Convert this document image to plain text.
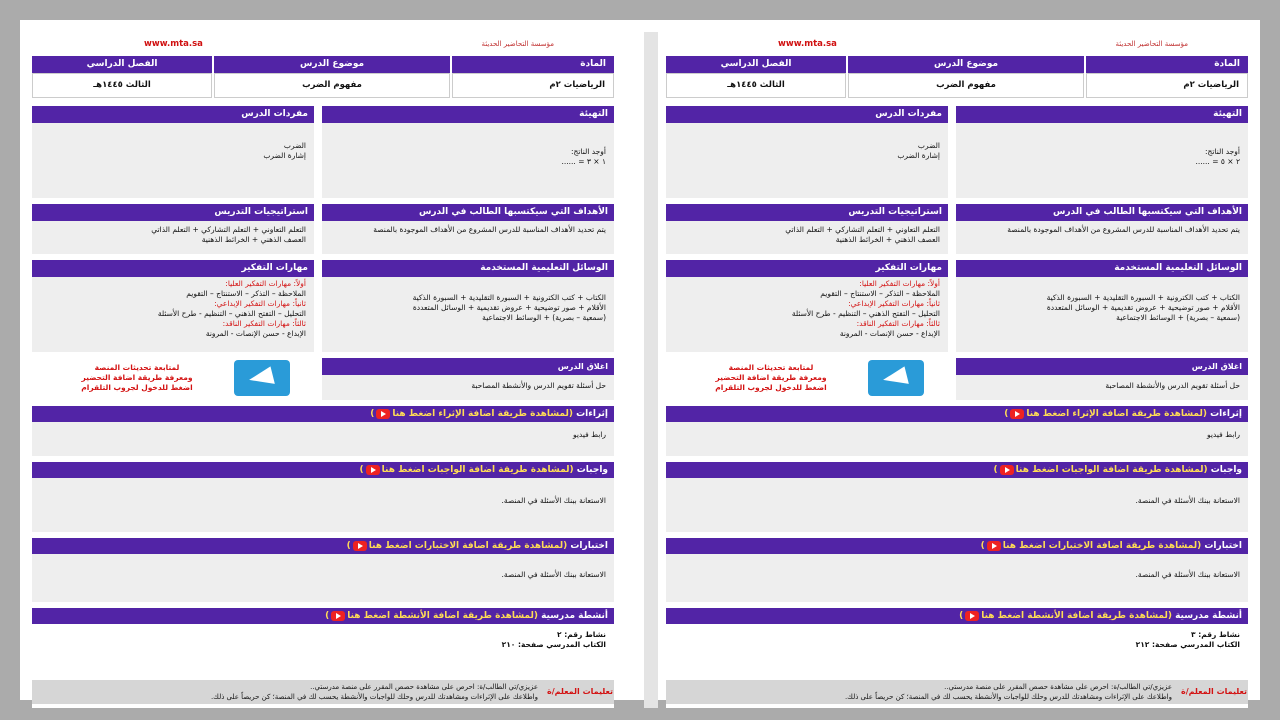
مؤسسة التحاضير الحديثة
www.mta.sa
المادة
الرياضيات ٢م
موضوع الدرس
مفهوم الضرب
الفصل الدراسي
الثالث ١٤٤٥هـ
التهيئة
أوجد الناتج:
١ × ٣ = ......
مفردات الدرس
الضرب
إشارة الضرب
الأهداف التي سيكتسبها الطالب في الدرس
يتم تحديد الأهداف المناسبة للدرس المشروع من الأهداف الموجودة بالمنصة
استراتيجيات التدريس
التعلم التعاوني + التعلم التشاركي + التعلم الذاتي
العصف الذهني + الخرائط الذهنية
الوسائل التعليمية المستخدمة
الكتاب + كتب الكترونية + السبورة التقليدية + السبورة الذكية
الأقلام + صور توضيحية + عروض تقديمية + الوسائل المتعددة
(سمعية – بصرية) + الوسائط الاجتماعية
مهارات التفكير
أولاً: مهارات التفكير العليا:
الملاحظة – التذكر – الاستنتاج – التقويم
ثانياً: مهارات التفكير الإبداعي:
التحليل – التفتح الذهني – التنظيم - طرح الأسئلة
ثالثاً: مهارات التفكير الناقد:
الإبداع - حسن الإنصات - المرونة
اغلاق الدرس
حل أسئلة تقويم الدرس والأنشطة المصاحبة
لمتابعة تحديثات المنصة
ومعرفة طريقة اضافة التحضير
اضغط للدخول لجروب التلقرام
إثراءات (لمشاهدة طريقة اضافة الإثراء اضغط هنا)
رابط فيديو
واجبات (لمشاهدة طريقة اضافة الواجبات اضغط هنا)
الاستعانة ببنك الأسئلة في المنصة.
اختبارات (لمشاهدة طريقة اضافة الاختبارات اضغط هنا)
الاستعانة ببنك الأسئلة في المنصة.
أنشطة مدرسية (لمشاهدة طريقة اضافة الأنشطة اضغط هنا)
نشاط رقم: ٢
الكتاب المدرسي صفحة: ٢١٠
تعليمات المعلم/ة
عزيزي/تي الطالب/ة: احرص على مشاهدة حصص المقرر على منصة مدرستي..
واطلاعك على الإثراءات ومشاهدتك للدرس وحلك للواجبات والأنشطة يحسب لك في المنصة؛ كن حريصاً على ذلك.
مؤسسة التحاضير الحديثة
www.mta.sa
المادة
الرياضيات ٢م
موضوع الدرس
مفهوم الضرب
الفصل الدراسي
الثالث ١٤٤٥هـ
التهيئة
أوجد الناتج:
٢ × ٥ = ......
مفردات الدرس
الضرب
إشارة الضرب
الأهداف التي سيكتسبها الطالب في الدرس
يتم تحديد الأهداف المناسبة للدرس المشروع من الأهداف الموجودة بالمنصة
استراتيجيات التدريس
التعلم التعاوني + التعلم التشاركي + التعلم الذاتي
العصف الذهني + الخرائط الذهنية
الوسائل التعليمية المستخدمة
الكتاب + كتب الكترونية + السبورة التقليدية + السبورة الذكية
الأقلام + صور توضيحية + عروض تقديمية + الوسائل المتعددة
(سمعية – بصرية) + الوسائط الاجتماعية
مهارات التفكير
أولاً: مهارات التفكير العليا:
الملاحظة – التذكر – الاستنتاج – التقويم
ثانياً: مهارات التفكير الإبداعي:
التحليل – التفتح الذهني – التنظيم - طرح الأسئلة
ثالثاً: مهارات التفكير الناقد:
الإبداع - حسن الإنصات - المرونة
اغلاق الدرس
حل أسئلة تقويم الدرس والأنشطة المصاحبة
لمتابعة تحديثات المنصة
ومعرفة طريقة اضافة التحضير
اضغط للدخول لجروب التلقرام
إثراءات (لمشاهدة طريقة اضافة الإثراء اضغط هنا)
رابط فيديو
واجبات (لمشاهدة طريقة اضافة الواجبات اضغط هنا)
الاستعانة ببنك الأسئلة في المنصة.
اختبارات (لمشاهدة طريقة اضافة الاختبارات اضغط هنا)
الاستعانة ببنك الأسئلة في المنصة.
أنشطة مدرسية (لمشاهدة طريقة اضافة الأنشطة اضغط هنا)
نشاط رقم: ٣
الكتاب المدرسي صفحة: ٢١٢
تعليمات المعلم/ة
عزيزي/تي الطالب/ة: احرص على مشاهدة حصص المقرر على منصة مدرستي..
واطلاعك على الإثراءات ومشاهدتك للدرس وحلك للواجبات والأنشطة يحسب لك في المنصة؛ كن حريصاً على ذلك.
